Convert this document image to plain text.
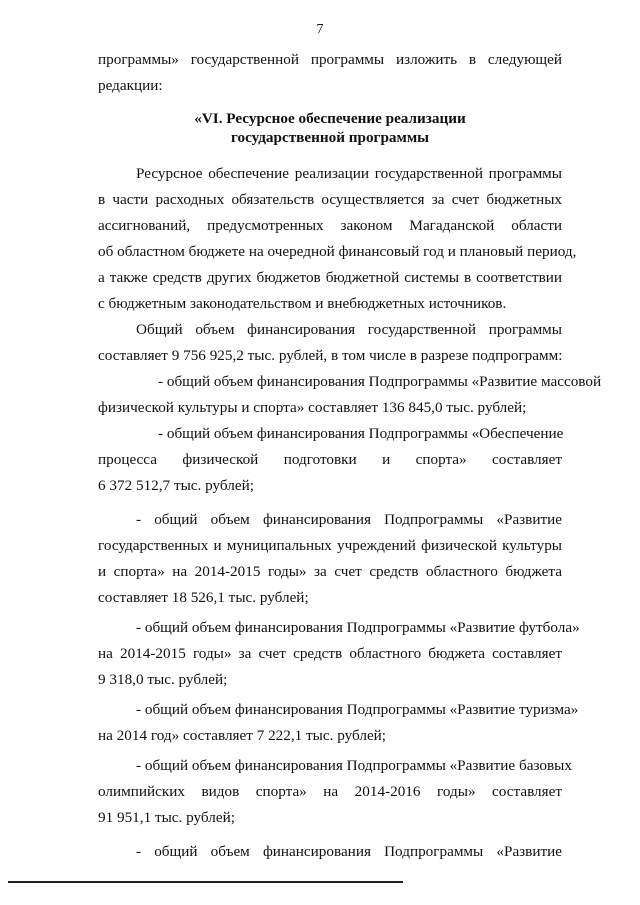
7

программы» государственной программы изложить в следующей
редакции:

«VI. Ресурсное обеспечение реализации
государственной программы

Ресурсное обеспечение реализации государственной программы
в части расходных обязательств осуществляется за счет бюджетных
ассигнований, предусмотренных законом Магаданской области
об областном бюджете на очередной финансовый год и плановый период,
а также средств других бюджетов бюджетной системы в соответствии
с бюджетным законодательством и внебюджетных источников.

Общий объем финансирования государственной программы
составляет 9 756 925,2 тыс. рублей, в том числе в разрезе подпрограмм:

- общий объем финансирования Подпрограммы «Развитие массовой
физической культуры и спорта» составляет 136 845,0 тыс. рублей;

- общий объем финансирования Подпрограммы «Обеспечение
процесса физической подготовки и спорта» составляет
6 372 512,7 тыс. рублей;

- общий объем финансирования Подпрограммы «Развитие
государственных и муниципальных учреждений физической культуры
и спорта» на 2014-2015 годы» за счет средств областного бюджета
составляет 18 526,1 тыс. рублей;

- общий объем финансирования Подпрограммы «Развитие футбола»
на 2014-2015 годы» за счет средств областного бюджета составляет
9 318,0 тыс. рублей;

- общий объем финансирования Подпрограммы «Развитие туризма»
на 2014 год» составляет 7 222,1 тыс. рублей;

- общий объем финансирования Подпрограммы «Развитие базовых
олимпийских видов спорта» на 2014-2016 годы» составляет
91 951,1 тыс. рублей;

- общий объем финансирования Подпрограммы «Развитие
